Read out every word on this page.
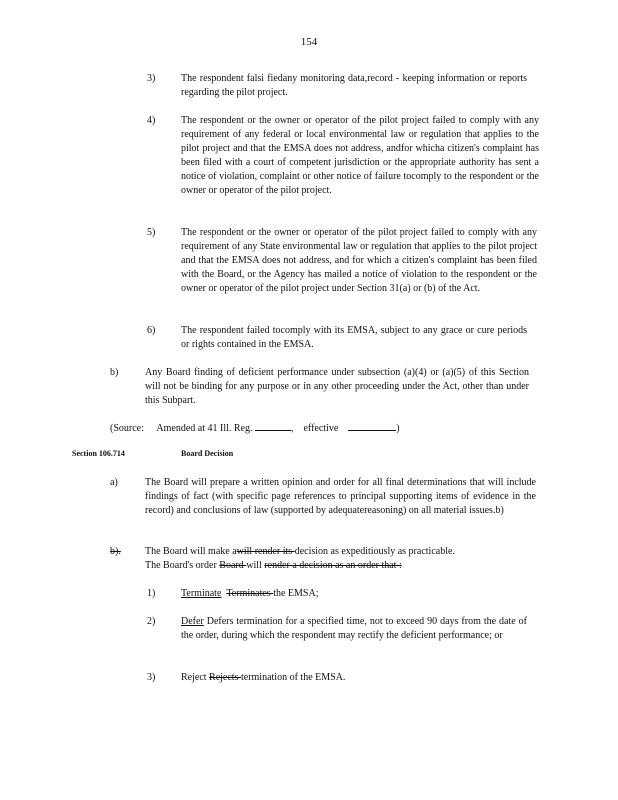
154
3)	The respondent falsi fiedany monitoring data,record - keeping information or reports regarding the pilot project.

4)	The respondent or the owner or operator of the pilot project failed to comply with any requirement of any federal or local environmental law or regulation that applies to the pilot project and that the EMSA does not address, andfor whicha citizen's complaint has been filed with a court of competent jurisdiction or the appropriate authority has sent a notice of violation, complaint or other notice of failure tocomply to the respondent or the owner or operator of the pilot project.

5)	The respondent or the owner or operator of the pilot project failed to comply with any requirement of any State environmental law or regulation that applies to the pilot project and that the EMSA does not address, and for which a citizen's complaint has been filed with the Board, or the Agency has mailed a notice of violation to the respondent or the owner or operator of the pilot project under Section 31(a) or (b) of the Act.

6)	The respondent failed tocomply with its EMSA, subject to any grace or cure periods or rights contained in the EMSA.

b)	Any Board finding of deficient performance under subsection (a)(4) or (a)(5) of this Section will not be binding for any purpose or in any other proceeding under the Act, other than under this Subpart.

(Source: Amended at 41 Ill. Reg.	, effective	)
Section 106.714	Board Decision
a)	The Board will prepare a written opinion and order for all final determinations that will include findings of fact (with specific page references to principal supporting items of evidence in the record) and conclusions of law (supported by adequatereasoning) on all material issues.b)

b). The Board will make awill render its decision as expeditiously as practicable.
The Board's order Board will render a decision as an order that :
1)	Terminate Terminates the EMSA;
2)	Defer Defers termination for a specified time, not to exceed 90 days from the date of the order, during which the respondent may rectify the deficient performance; or

3)	Reject Rejects termination of the EMSA.
